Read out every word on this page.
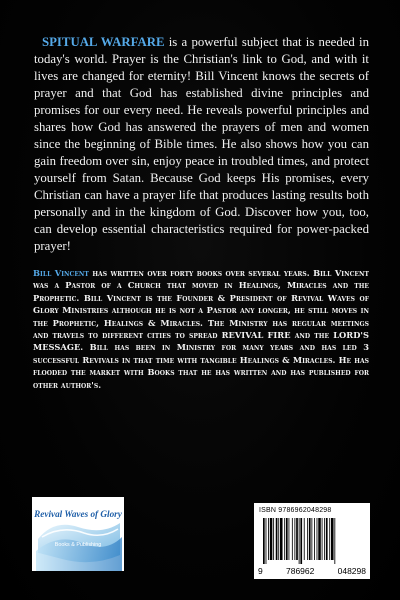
SPITUAL WARFARE is a powerful subject that is needed in today's world. Prayer is the Christian's link to God, and with it lives are changed for eternity! Bill Vincent knows the secrets of prayer and that God has established divine principles and promises for our every need. He reveals powerful principles and shares how God has answered the prayers of men and women since the beginning of Bible times. He also shows how you can gain freedom over sin, enjoy peace in troubled times, and protect yourself from Satan. Because God keeps His promises, every Christian can have a prayer life that produces lasting results both personally and in the kingdom of God. Discover how you, too, can develop essential characteristics required for power-packed prayer!

Bill Vincent has written over forty books over several years. Bill Vincent was a Pastor of a Church that moved in Healings, Miracles and the Prophetic. Bill Vincent is the Founder & President of Revival Waves of Glory Ministries although he is not a Pastor any longer, he still moves in the Prophetic, Healings & Miracles. The Ministry has regular meetings and travels to different cities to spread REVIVAL FIRE and the LORD'S MESSAGE. Bill has been in Ministry for many years and has led 3 successful Revivals in that time with tangible Healings & Miracles. He has flooded the market with Books that he has written and has published for other author's.

Revival Waves of Glory
Books & Publishing
ISBN 9786962048298
9	786962	048298
